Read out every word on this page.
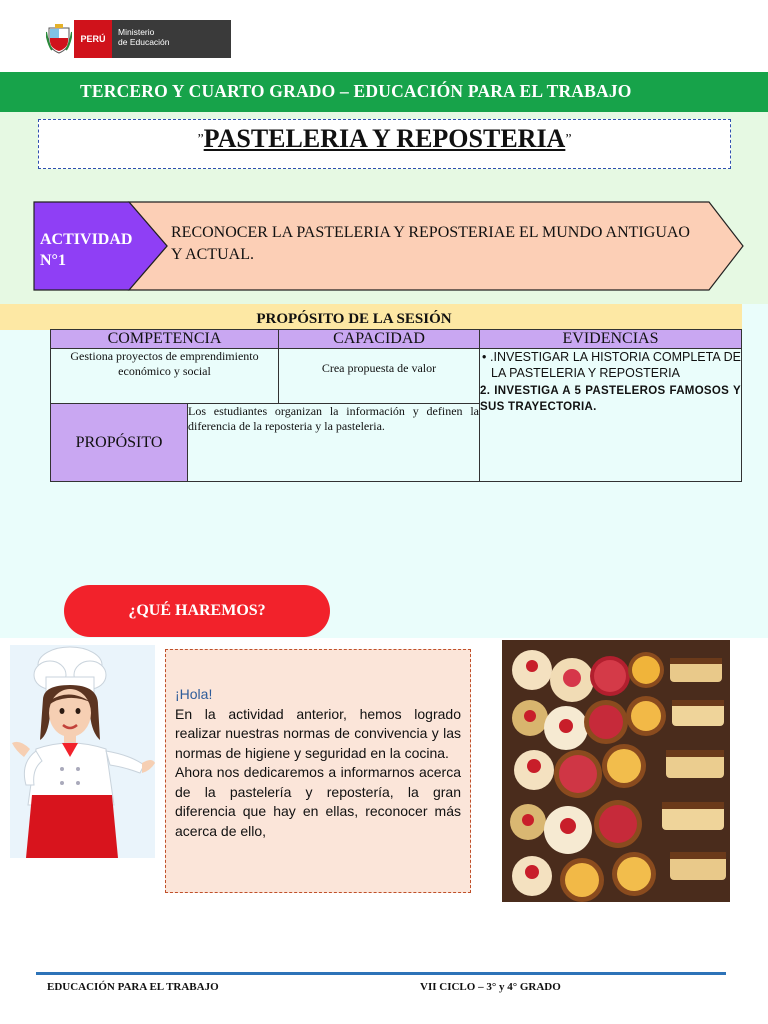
PERÚ
Ministerio
de Educación
TERCERO Y CUARTO GRADO – EDUCACIÓN PARA EL TRABAJO
”PASTELERIA Y REPOSTERIA”
ACTIVIDAD
N°1
RECONOCER LA PASTELERIA Y REPOSTERIAE EL MUNDO ANTIGUAO Y ACTUAL.
PROPÓSITO DE LA SESIÓN
COMPETENCIA		CAPACIDAD	EVIDENCIAS
Gestiona proyectos de emprendimiento económico y social		Crea propuesta de valor	• .INVESTIGAR LA HISTORIA COMPLETA DE LA PASTELERIA Y REPOSTERIA
2. INVESTIGA A 5 PASTELEROS FAMOSOS Y SUS TRAYECTORIA.

PROPÓSITO	Los estudiantes organizan la información y definen la diferencia de la reposteria y la pasteleria.		
¿QUÉ HAREMOS?
¡Hola!
En la actividad anterior, hemos logrado realizar nuestras normas de convivencia y las normas de higiene y seguridad en la cocina.
Ahora nos dedicaremos a informarnos acerca de la pastelería y repostería, la gran diferencia que hay en ellas, reconocer más acerca de ello,
EDUCACIÓN PARA EL TRABAJO	VII CICLO – 3° y 4° GRADO
